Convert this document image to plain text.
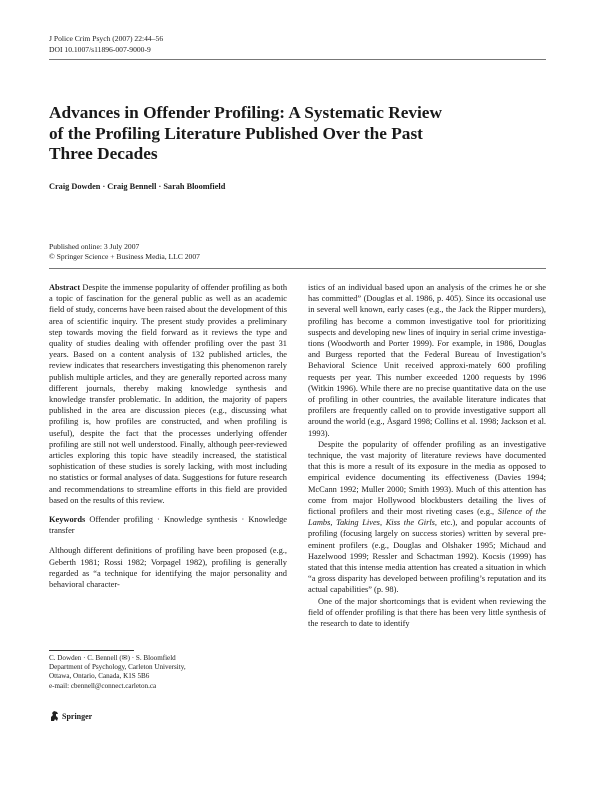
J Police Crim Psych (2007) 22:44–56
DOI 10.1007/s11896-007-9000-9
Advances in Offender Profiling: A Systematic Review
of the Profiling Literature Published Over the Past
Three Decades
Craig Dowden · Craig Bennell · Sarah Bloomfield
Published online: 3 July 2007
© Springer Science + Business Media, LLC 2007

Abstract Despite the immense popularity of offender profiling as both a topic of fascination for the general public as well as an academic field of study, concerns have been raised about the development of this area of scientific inquiry. The present study provides a preliminary step towards moving the field forward as it reviews the type and quality of studies dealing with offender profiling over the past 31 years. Based on a content analysis of 132 published articles, the review indicates that researchers investigating this phenomenon rarely publish multiple articles, and they are generally reported across many different journals, thereby making knowledge synthesis and knowledge transfer problematic. In addition, the majority of papers published in the area are discussion pieces (e.g., discussing what profiling is, how profiles are constructed, and when profiling is useful), despite the fact that the processes underlying offender profiling are still not well understood. Finally, although peer-reviewed articles exploring this topic have steadily increased, the statistical sophistication of these studies is sorely lacking, with most including no statistics or formal analyses of data. Suggestions for future research and recommendations to streamline efforts in this field are provided based on the results of this review.

Keywords Offender profiling · Knowledge synthesis · Knowledge transfer

Although different definitions of profiling have been proposed (e.g., Geberth 1981; Rossi 1982; Vorpagel 1982), profiling is generally regarded as “a technique for identifying the major personality and behavioral character-

istics of an individual based upon an analysis of the crimes he or she has committed” (Douglas et al. 1986, p. 405). Since its occasional use in several well known, early cases (e.g., the Jack the Ripper murders), profiling has become a common investigative tool for prioritizing suspects and developing new lines of inquiry in serial crime investiga-tions (Woodworth and Porter 1999). For example, in 1986, Douglas and Burgess reported that the Federal Bureau of Investigation’s Behavioral Science Unit received approxi-mately 600 profiling requests per year. This number exceeded 1200 requests by 1996 (Witkin 1996). While there are no precise quantitative data on the use of profiling in other countries, the available literature indicates that profilers are frequently called on to provide investigative support all around the world (e.g., Åsgard 1998; Collins et al. 1998; Jackson et al. 1993).

Despite the popularity of offender profiling as an investigative technique, the vast majority of literature reviews have documented that this is more a result of its exposure in the media as opposed to empirical evidence documenting its effectiveness (Davies 1994; McCann 1992; Muller 2000; Smith 1993). Much of this attention has come from major Hollywood blockbusters detailing the lives of fictional profilers and their most riveting cases (e.g., Silence of the Lambs, Taking Lives, Kiss the Girls, etc.), and popular accounts of profiling (focusing largely on success stories) written by several pre-eminent profilers (e.g., Douglas and Olshaker 1995; Michaud and Hazelwood 1999; Ressler and Schactman 1992). Kocsis (1999) has stated that this intense media attention has created a situation in which “a gross disparity has developed between profiling’s reputation and its actual capabilities” (p. 98).

One of the major shortcomings that is evident when reviewing the field of offender profiling is that there has been very little synthesis of the research to date to identify

C. Dowden · C. Bennell (✉) · S. Bloomfield
Department of Psychology, Carleton University,
Ottawa, Ontario, Canada, K1S 5B6
e-mail: cbennell@connect.carleton.ca
Springer
